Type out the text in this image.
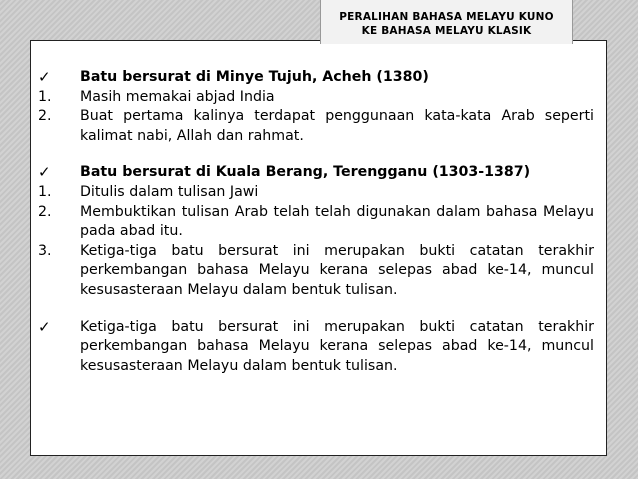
PERALIHAN BAHASA MELAYU KUNO
KE BAHASA MELAYU KLASIK
✓ Batu bersurat di Minye Tujuh, Acheh (1380)
1. Masih memakai abjad India
2. Buat pertama kalinya terdapat penggunaan kata-kata Arab seperti kalimat nabi, Allah dan rahmat.
✓ Batu bersurat di Kuala Berang, Terengganu (1303-1387)
1. Ditulis dalam tulisan Jawi
2. Membuktikan tulisan Arab telah telah digunakan dalam bahasa Melayu pada abad itu.
3. Ketiga-tiga batu bersurat ini merupakan bukti catatan terakhir perkembangan bahasa Melayu kerana selepas abad ke-14, muncul kesusasteraan Melayu dalam bentuk tulisan.
✓ Ketiga-tiga batu bersurat ini merupakan bukti catatan terakhir perkembangan bahasa Melayu kerana selepas abad ke-14, muncul kesusasteraan Melayu dalam bentuk tulisan.
